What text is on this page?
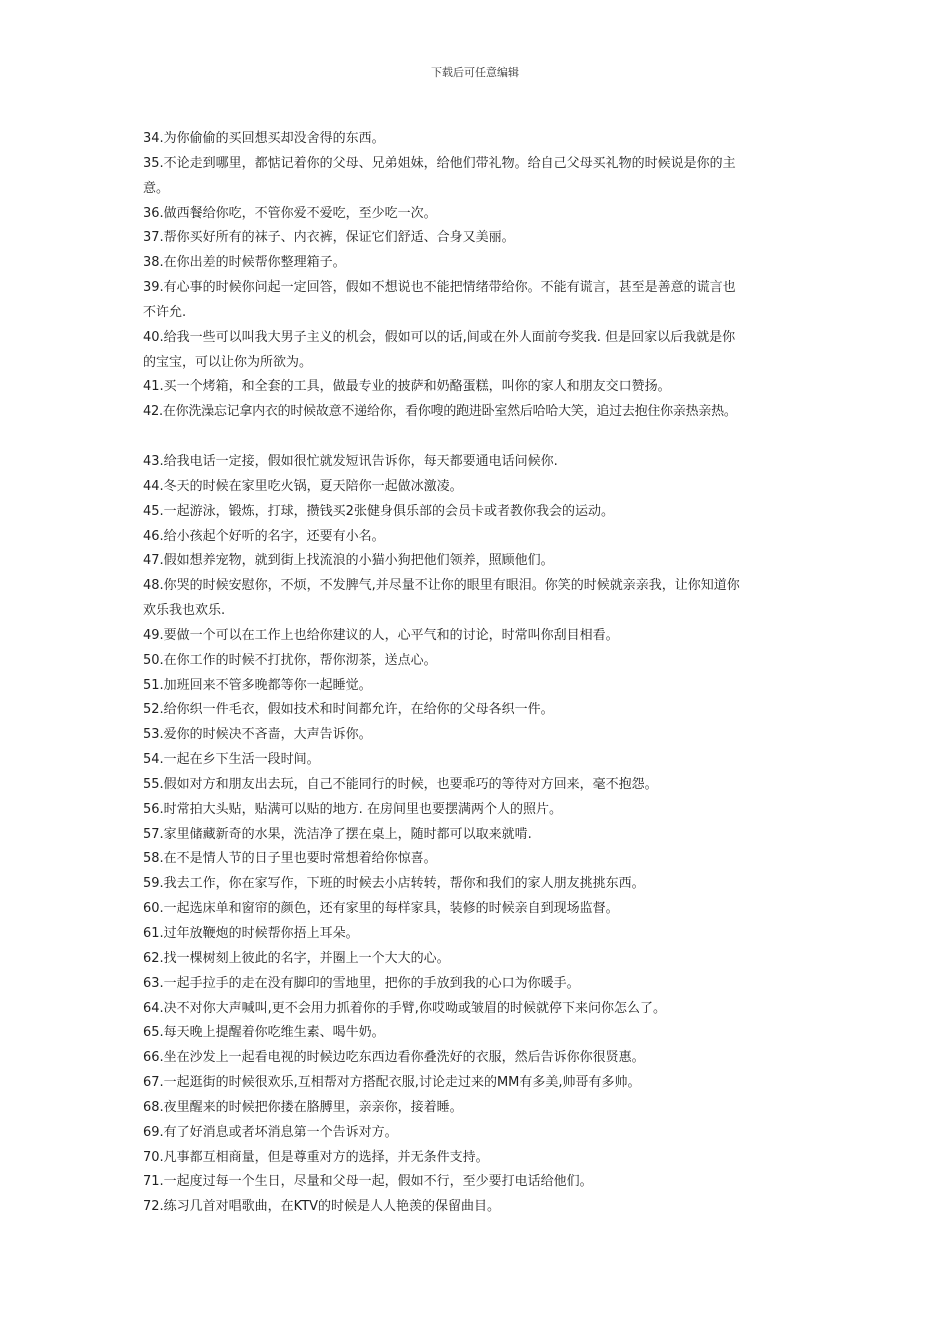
下载后可任意编辑
34.为你偷偷的买回想买却没舍得的东西。
35.不论走到哪里，都惦记着你的父母、兄弟姐妹，给他们带礼物。给自己父母买礼物的时候说是你的主
意。
36.做西餐给你吃，不管你爱不爱吃，至少吃一次。
37.帮你买好所有的袜子、内衣裤，保证它们舒适、合身又美丽。
38.在你出差的时候帮你整理箱子。
39.有心事的时候你问起一定回答，假如不想说也不能把情绪带给你。不能有谎言，甚至是善意的谎言也
不许允.
40.给我一些可以叫我大男子主义的机会，假如可以的话,间或在外人面前夸奖我. 但是回家以后我就是你
的宝宝，可以让你为所欲为。
41.买一个烤箱，和全套的工具，做最专业的披萨和奶酪蛋糕，叫你的家人和朋友交口赞扬。
42.在你洗澡忘记拿内衣的时候故意不递给你，看你嗖的跑进卧室然后哈哈大笑，追过去抱住你亲热亲热。
43.给我电话一定接，假如很忙就发短讯告诉你，每天都要通电话问候你.
44.冬天的时候在家里吃火锅，夏天陪你一起做冰激凌。
45.一起游泳，锻炼，打球，攒钱买2张健身俱乐部的会员卡或者教你我会的运动。
46.给小孩起个好听的名字，还要有小名。
47.假如想养宠物，就到街上找流浪的小猫小狗把他们领养，照顾他们。
48.你哭的时候安慰你，不烦，不发脾气,并尽量不让你的眼里有眼泪。你笑的时候就亲亲我，让你知道你
欢乐我也欢乐.
49.要做一个可以在工作上也给你建议的人，心平气和的讨论，时常叫你刮目相看。
50.在你工作的时候不打扰你，帮你沏茶，送点心。
51.加班回来不管多晚都等你一起睡觉。
52.给你织一件毛衣，假如技术和时间都允许，在给你的父母各织一件。
53.爱你的时候决不吝啬，大声告诉你。
54.一起在乡下生活一段时间。
55.假如对方和朋友出去玩，自己不能同行的时候，也要乖巧的等待对方回来，毫不抱怨。
56.时常拍大头贴，贴满可以贴的地方. 在房间里也要摆满两个人的照片。
57.家里储藏新奇的水果，洗洁净了摆在桌上，随时都可以取来就啃.
58.在不是情人节的日子里也要时常想着给你惊喜。
59.我去工作，你在家写作，下班的时候去小店转转，帮你和我们的家人朋友挑挑东西。
60.一起选床单和窗帘的颜色，还有家里的每样家具，装修的时候亲自到现场监督。
61.过年放鞭炮的时候帮你捂上耳朵。
62.找一棵树刻上彼此的名字，并圈上一个大大的心。
63.一起手拉手的走在没有脚印的雪地里，把你的手放到我的心口为你暖手。
64.决不对你大声喊叫,更不会用力抓着你的手臂,你哎呦或皱眉的时候就停下来问你怎么了。
65.每天晚上提醒着你吃维生素、喝牛奶。
66.坐在沙发上一起看电视的时候边吃东西边看你叠洗好的衣服，然后告诉你你很贤惠。
67.一起逛街的时候很欢乐,互相帮对方搭配衣服,讨论走过来的MM有多美,帅哥有多帅。
68.夜里醒来的时候把你搂在胳膊里，亲亲你，接着睡。
69.有了好消息或者坏消息第一个告诉对方。
70.凡事都互相商量，但是尊重对方的选择，并无条件支持。
71.一起度过每一个生日，尽量和父母一起，假如不行，至少要打电话给他们。
72.练习几首对唱歌曲，在KTV的时候是人人艳羡的保留曲目。
